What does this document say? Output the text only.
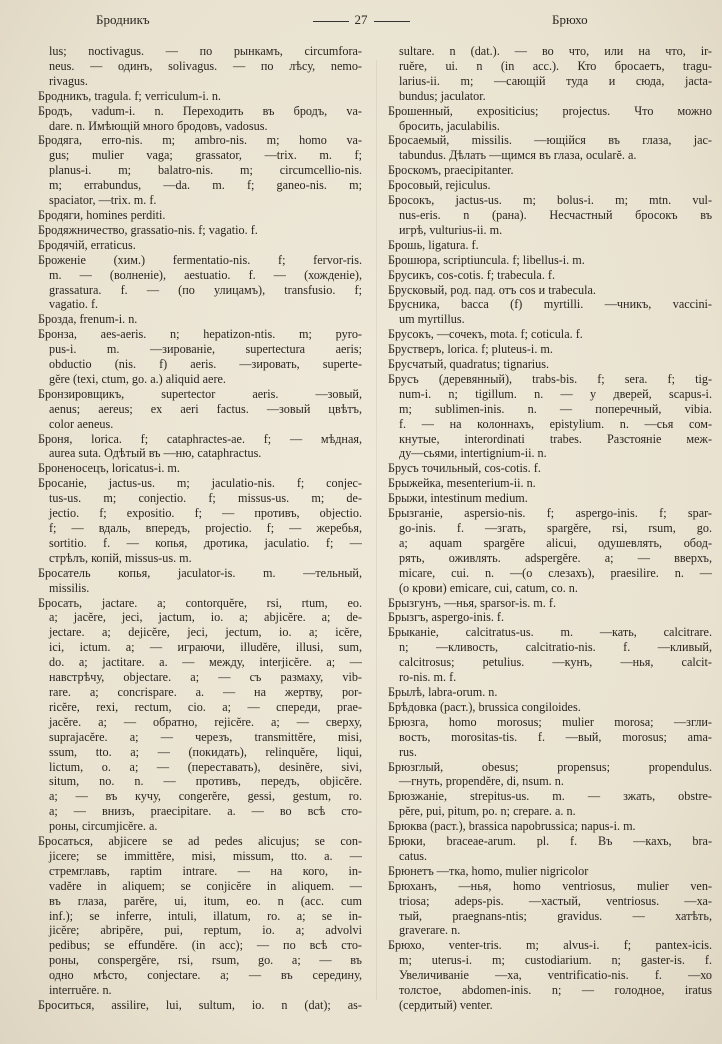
Бродникъ	27	Брюхо
lus; noctivagus. — по рынкамъ, circumfora-
neus. — одинъ, solivagus. — по лѣсу, nemo-
rivagus.
Бродникъ, tragula. f; verriculum-i. n.
Бродъ, vadum-i. n. Переходить въ бродъ, va-
dare. n. Имѣющій много бродовъ, vadosus.
Бродяга, erro-nis. m; ambro-nis. m; homo va-
gus; mulier vaga; grassator, —trix. m. f;
planus-i. m; balatro-nis. m; circumcellio-nis.
m; errabundus, —da. m. f; ganeo-nis. m;
spaciator, —trix. m. f.
Бродяги, homines perditi.
Бродяжничество, grassatio-nis. f; vagatio. f.
Бродячій, erraticus.
Броженіе (хим.) fermentatio-nis. f; fervor-ris.
m. — (волненіе), aestuatio. f. — (хожденіе),
grassatura. f. — (по улицамъ), transfusio. f;
vagatio. f.
Брозда, frenum-i. n.
Бронза, aes-aeris. n; hepatizon-ntis. m; pyro-
pus-i. m. —зированіе, supertectura aeris;
obductio (nis. f) aeris. —зировать, superte-
gĕre (texi, ctum, go. a.) aliquid aere.
Бронзировщикъ, supertector aeris. —зовый,
aenus; aereus; ex aeri factus. —зовый цвѣтъ,
color aeneus.
Броня, lorica. f; cataphractes-ae. f; — мѣдная,
aurea suta. Одѣтый въ —ню, cataphractus.
Броненосецъ, loricatus-i. m.
Бросаніе, jactus-us. m; jaculatio-nis. f; conjec-
tus-us. m; conjectio. f; missus-us. m; de-
jectio. f; expositio. f; — противъ, objectio.
f; — вдаль, впередъ, projectio. f; — жеребья,
sortitio. f. — копья, дротика, jaculatio. f; —
стрѣлъ, копій, missus-us. m.
Бросатель копья, jaculator-is. m. —тельный,
missilis.
Бросать, jactare. a; contorquĕre, rsi, rtum, eo.
a; jacĕre, jeci, jactum, io. a; abjicĕre. a; de-
jectare. a; dejicĕre, jeci, jectum, io. a; icĕre,
ici, ictum. a; — играючи, illudĕre, illusi, sum,
do. a; jactitare. a. — между, interjicĕre. a; —
навстрѣчу, objectare. a; — съ размаху, vib-
rare. a; concrispare. a. — на жертву, por-
ricĕre, rexi, rectum, cio. a; — спереди, prae-
jacĕre. a; — обратно, rejicĕre. a; — сверху,
suprajacĕre. a; — черезъ, transmittĕre, misi,
ssum, tto. a; — (покидать), relinquĕre, liqui,
lictum, o. a; — (переставать), desinĕre, sivi,
situm, no. n. — противъ, передъ, objicĕre.
a; — въ кучу, congerĕre, gessi, gestum, ro.
a; — внизъ, praecipitare. a. — во всѣ сто-
роны, circumjicĕre. a.
Бросаться, abjicere se ad pedes alicujus; se con-
jicere; se immittĕre, misi, missum, tto. a. —
стремглавъ, raptim intrare. — на кого, in-
vadĕre in aliquem; se conjicĕre in aliquem. —
въ глаза, parĕre, ui, itum, eo. n (acc. cum
inf.); se inferre, intuli, illatum, ro. a; se in-
jicĕre; abripĕre, pui, reptum, io. a; advolvi
pedibus; se effundĕre. (in acc); — по всѣ сто-
роны, conspergĕre, rsi, rsum, go. a; — въ
одно мѣсто, conjectare. a; — въ середину,
interruĕre. n.
Броситься, assilire, lui, sultum, io. n (dat); as-
sultare. n (dat.). — во что, или на что, ir-
ruĕre, ui. n (in acc.). Кто бросаетъ, tragu-
larius-ii. m; —сающій туда и сюда, jacta-
bundus; jaculator.
Брошенный, expositicius; projectus. Что можно
бросить, jaculabilis.
Бросаемый, missilis. —ющійся въ глаза, jac-
tabundus. Дѣлать —щимся въ глаза, ocularĕ. a.
Броскомъ, praecipitanter.
Бросовый, rejiculus.
Бросокъ, jactus-us. m; bolus-i. m; mtn. vul-
nus-eris. n (рана). Несчастный бросокъ въ
игрѣ, vulturius-ii. m.
Брошь, ligatura. f.
Брошюра, scriptiuncula. f; libellus-i. m.
Брусикъ, cos-cotis. f; trabecula. f.
Брусковый, род. пад. отъ cos и trabecula.
Брусника, bacca (f) myrtilli. —чникъ, vaccini-
um myrtillus.
Брусокъ, —сочекъ, mota. f; coticula. f.
Брустверъ, lorica. f; pluteus-i. m.
Брусчатый, quadratus; tignarius.
Брусъ (деревянный), trabs-bis. f; sera. f; tig-
num-i. n; tigillum. n. — у дверей, scapus-i.
m; sublimen-inis. n. — поперечный, vibia.
f. — на колоннахъ, epistylium. n. —сья сом-
кнутые, interordinati trabes. Разстояніе меж-
ду—сьями, intertignium-ii. n.
Брусъ точильный, cos-cotis. f.
Брыжейка, mesenterium-ii. n.
Брыжи, intestinum medium.
Брызганіе, aspersio-nis. f; aspergo-inis. f; spar-
go-inis. f. —згать, spargĕre, rsi, rsum, go.
a; aquam spargĕre alicui, одушевлять, обод-
рять, оживлять. adspergĕre. a; — вверхъ,
micare, cui. n. —(о слезахъ), praesilire. n. —
(о крови) emicare, cui, catum, co. n.
Брызгунъ, —нья, sparsor-is. m. f.
Брызгъ, aspergo-inis. f.
Брыканіе, calcitratus-us. m. —кать, calcitrare.
n; —кливость, calcitratio-nis. f. —кливый,
calcitrosus; petulius. —кунъ, —нья, calcit-
ro-nis. m. f.
Брылѣ, labra-orum. n.
Брѣдовка (раст.), brussica congiloides.
Брюзга, homo morosus; mulier morosa; —згли-
вость, morositas-tis. f. —вый, morosus; ama-
rus.
Брюзглый, obesus; propensus; propendulus.
—гнуть, propendĕre, di, nsum. n.
Брюзжаніе, strepitus-us. m. — зжать, obstre-
pĕre, pui, pitum, po. n; crepare. a. n.
Брюква (раст.), brassica napobrussica; napus-i. m.
Брюки, braceae-arum. pl. f. Въ —кахъ, bra-
catus.
Брюнетъ —тка, homo, mulier nigricolor
Брюханъ, —нья, homo ventriosus, mulier ven-
triosa; adeps-pis. —хастый, ventriosus. —ха-
тый, praegnans-ntis; gravidus. — хатѣть,
graverare. n.
Брюхо, venter-tris. m; alvus-i. f; pantex-icis.
m; uterus-i. m; custodiarium. n; gaster-is. f.
Увеличиваніе —ха, ventrificatio-nis. f. —хо
толстое, abdomen-inis. n; — голодное, iratus
(сердитый) venter.
